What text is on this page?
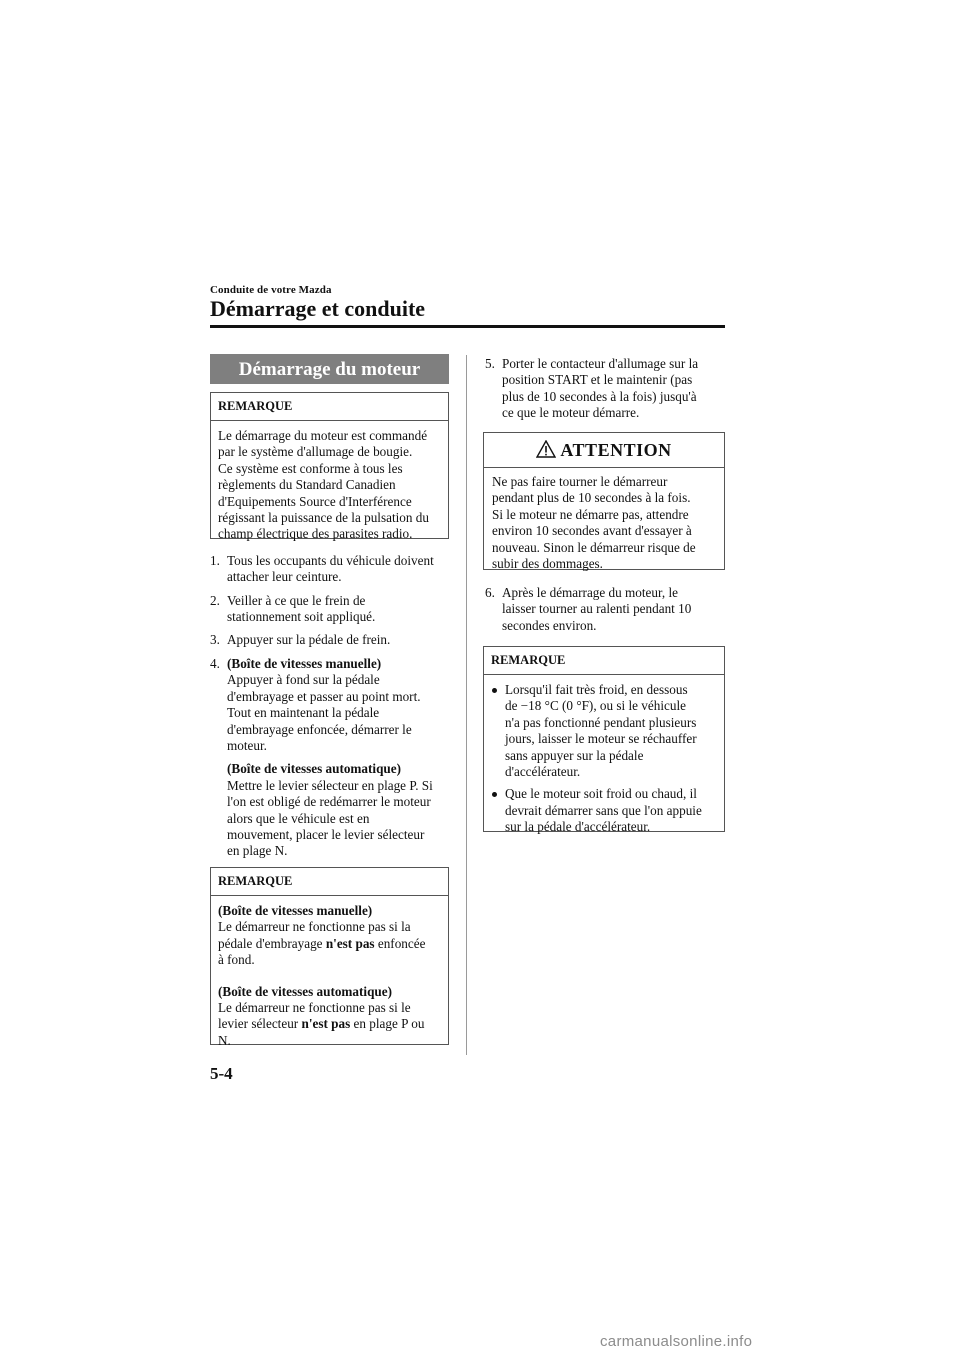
Conduite de votre Mazda
Démarrage et conduite
Démarrage du moteur
REMARQUE
Le démarrage du moteur est commandé
par le système d'allumage de bougie.
Ce système est conforme à tous les
règlements du Standard Canadien
d'Equipements Source d'Interférence
régissant la puissance de la pulsation du
champ électrique des parasites radio.
1. Tous les occupants du véhicule doivent
attacher leur ceinture.
2. Veiller à ce que le frein de
stationnement soit appliqué.
3. Appuyer sur la pédale de frein.
4. (Boîte de vitesses manuelle)
Appuyer à fond sur la pédale
d'embrayage et passer au point mort.
Tout en maintenant la pédale
d'embrayage enfoncée, démarrer le
moteur.
(Boîte de vitesses automatique)
Mettre le levier sélecteur en plage P. Si
l'on est obligé de redémarrer le moteur
alors que le véhicule est en
mouvement, placer le levier sélecteur
en plage N.
REMARQUE
(Boîte de vitesses manuelle)
Le démarreur ne fonctionne pas si la
pédale d'embrayage n'est pas enfoncée
à fond.
(Boîte de vitesses automatique)
Le démarreur ne fonctionne pas si le
levier sélecteur n'est pas en plage P ou
N.
5. Porter le contacteur d'allumage sur la
position START et le maintenir (pas
plus de 10 secondes à la fois) jusqu'à
ce que le moteur démarre.
ATTENTION
Ne pas faire tourner le démarreur
pendant plus de 10 secondes à la fois.
Si le moteur ne démarre pas, attendre
environ 10 secondes avant d'essayer à
nouveau. Sinon le démarreur risque de
subir des dommages.
6. Après le démarrage du moteur, le
laisser tourner au ralenti pendant 10
secondes environ.
REMARQUE
Lorsqu'il fait très froid, en dessous
de −18 °C (0 °F), ou si le véhicule
n'a pas fonctionné pendant plusieurs
jours, laisser le moteur se réchauffer
sans appuyer sur la pédale
d'accélérateur.
Que le moteur soit froid ou chaud, il
devrait démarrer sans que l'on appuie
sur la pédale d'accélérateur.
5-4
carmanualsonline.info
